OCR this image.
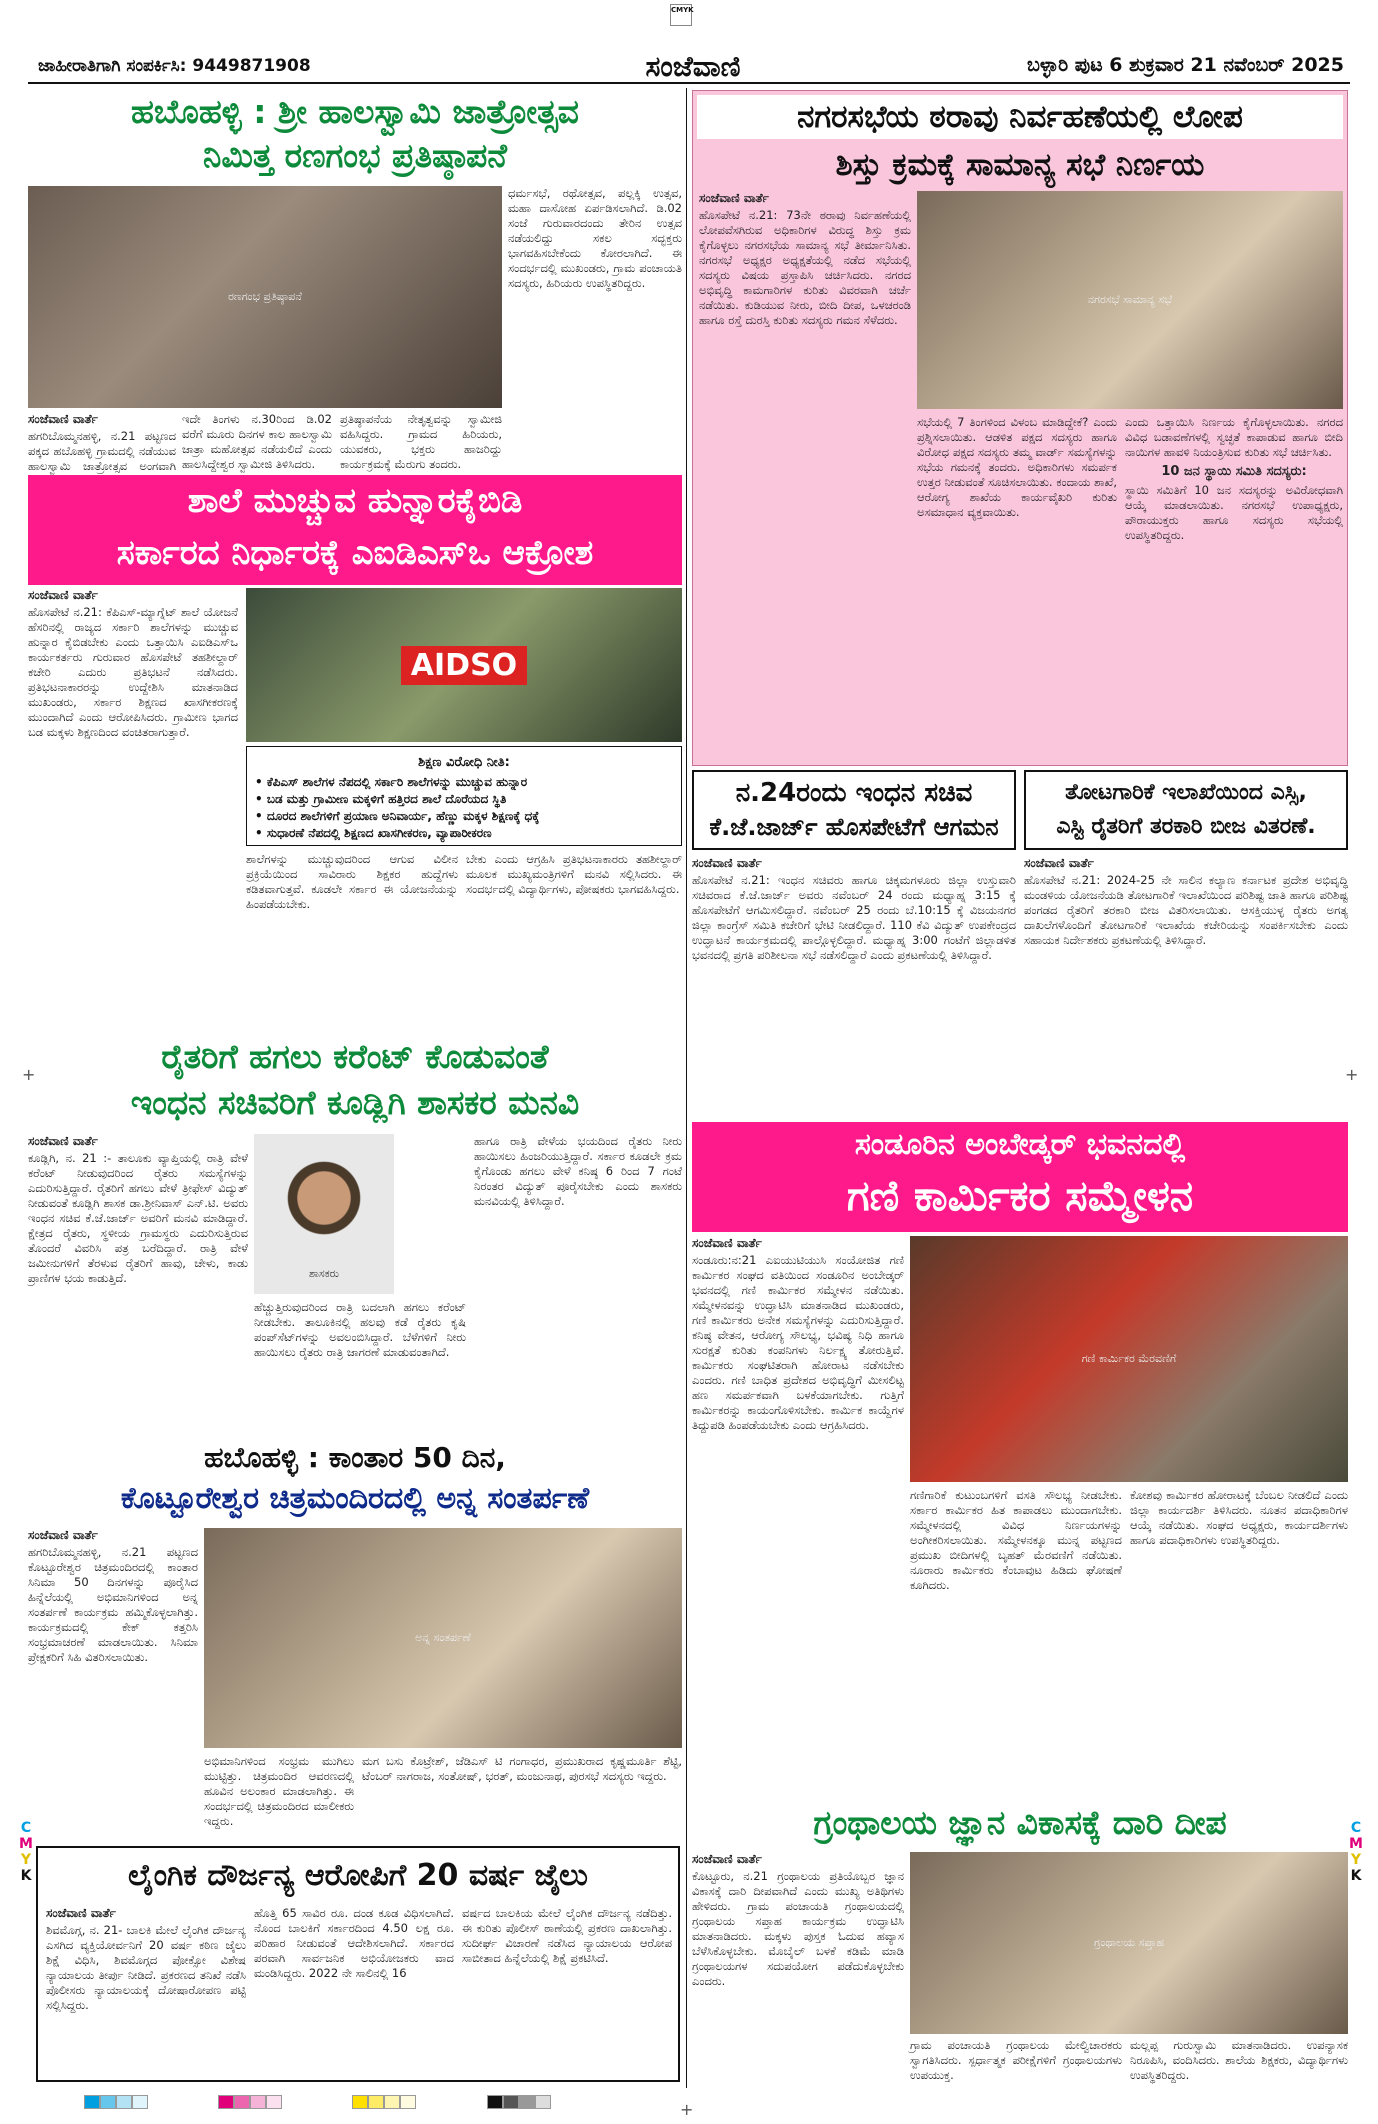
CMYK
+	+
+
C
M
Y
K
C
M
Y
K
ಜಾಹೀರಾತಿಗಾಗಿ ಸಂಪರ್ಕಿಸಿ: 9449871908	ಸಂಜೆವಾಣಿ	ಬಳ್ಳಾರಿ ಪುಟ 6 ಶುಕ್ರವಾರ 21 ನವೆಂಬರ್ 2025
ಹಬೊಹಳ್ಳಿ : ಶ್ರೀ ಹಾಲಸ್ವಾಮಿ ಜಾತ್ರೋತ್ಸವ
ನಿಮಿತ್ತ ರಣಗಂಭ ಪ್ರತಿಷ್ಠಾಪನೆ
ರಣಗಂಭ ಪ್ರತಿಷ್ಠಾಪನೆ
ಧರ್ಮಸಭೆ, ರಥೋತ್ಸವ, ಪಲ್ಲಕ್ಕಿ ಉತ್ಸವ, ಮಹಾ ದಾಸೋಹ ಏರ್ಪಡಿಸಲಾಗಿದೆ. ಡಿ.02 ಸಂಜೆ ಗುರುವಾರದಂದು ತೇರಿನ ಉತ್ಸವ ನಡೆಯಲಿದ್ದು ಸಕಲ ಸದ್ಭಕ್ತರು ಭಾಗವಹಿಸಬೇಕೆಂದು ಕೋರಲಾಗಿದೆ. ಈ ಸಂದರ್ಭದಲ್ಲಿ ಮುಖಂಡರು, ಗ್ರಾಮ ಪಂಚಾಯತಿ ಸದಸ್ಯರು, ಹಿರಿಯರು ಉಪಸ್ಥಿತರಿದ್ದರು.
ಸಂಜೆವಾಣಿ ವಾರ್ತೆ
ಹಗರಿಬೊಮ್ಮನಹಳ್ಳಿ, ನ.21 ಪಟ್ಟಣದ ಪಕ್ಕದ ಹಬೊಹಳ್ಳಿ ಗ್ರಾಮದಲ್ಲಿ ನಡೆಯುವ ಹಾಲಸ್ವಾಮಿ ಜಾತ್ರೋತ್ಸವ ಅಂಗವಾಗಿ
ಇದೇ ತಿಂಗಳು ನ.30ರಿಂದ ಡಿ.02 ವರೆಗೆ ಮೂರು ದಿನಗಳ ಕಾಲ ಹಾಲಸ್ವಾಮಿ ಜಾತ್ರಾ ಮಹೋತ್ಸವ ನಡೆಯಲಿದೆ ಎಂದು ಹಾಲಸಿದ್ದೇಶ್ವರ ಸ್ವಾಮೀಜಿ ತಿಳಿಸಿದರು.
ಪ್ರತಿಷ್ಠಾಪನೆಯ ನೇತೃತ್ವವನ್ನು ಸ್ವಾಮೀಜಿ ವಹಿಸಿದ್ದರು. ಗ್ರಾಮದ ಹಿರಿಯರು, ಯುವಕರು, ಭಕ್ತರು ಹಾಜರಿದ್ದು ಕಾರ್ಯಕ್ರಮಕ್ಕೆ ಮೆರುಗು ತಂದರು.
ಶಾಲೆ ಮುಚ್ಚುವ ಹುನ್ನಾರಕೈಬಿಡಿ
ಸರ್ಕಾರದ ನಿರ್ಧಾರಕ್ಕೆ ಎಐಡಿಎಸ್‌ಒ ಆಕ್ರೋಶ
ಸಂಜೆವಾಣಿ ವಾರ್ತೆ
ಹೊಸಪೇಟೆ ನ.21: ಕೆಪಿಎಸ್-ಮ್ಯಾಗ್ನೆಟ್ ಶಾಲೆ ಯೋಜನೆ ಹೆಸರಿನಲ್ಲಿ ರಾಜ್ಯದ ಸರ್ಕಾರಿ ಶಾಲೆಗಳನ್ನು ಮುಚ್ಚುವ ಹುನ್ನಾರ ಕೈಬಿಡಬೇಕು ಎಂದು ಒತ್ತಾಯಿಸಿ ಎಐಡಿಎಸ್‌ಒ ಕಾರ್ಯಕರ್ತರು ಗುರುವಾರ ಹೊಸಪೇಟೆ ತಹಶೀಲ್ದಾರ್ ಕಚೇರಿ ಎದುರು ಪ್ರತಿಭಟನೆ ನಡೆಸಿದರು. ಪ್ರತಿಭಟನಾಕಾರರನ್ನು ಉದ್ದೇಶಿಸಿ ಮಾತನಾಡಿದ ಮುಖಂಡರು, ಸರ್ಕಾರ ಶಿಕ್ಷಣದ ಖಾಸಗೀಕರಣಕ್ಕೆ ಮುಂದಾಗಿದೆ ಎಂದು ಆರೋಪಿಸಿದರು. ಗ್ರಾಮೀಣ ಭಾಗದ ಬಡ ಮಕ್ಕಳು ಶಿಕ್ಷಣದಿಂದ ವಂಚಿತರಾಗುತ್ತಾರೆ.
AIDSO
ಶಿಕ್ಷಣ ವಿರೋಧಿ ನೀತಿ:
• ಕೆಪಿಎಸ್ ಶಾಲೆಗಳ ನೆಪದಲ್ಲಿ ಸರ್ಕಾರಿ ಶಾಲೆಗಳನ್ನು ಮುಚ್ಚುವ ಹುನ್ನಾರ
• ಬಡ ಮತ್ತು ಗ್ರಾಮೀಣ ಮಕ್ಕಳಿಗೆ ಹತ್ತಿರದ ಶಾಲೆ ದೊರೆಯದ ಸ್ಥಿತಿ
• ದೂರದ ಶಾಲೆಗಳಿಗೆ ಪ್ರಯಾಣ ಅನಿವಾರ್ಯ, ಹೆಣ್ಣು ಮಕ್ಕಳ ಶಿಕ್ಷಣಕ್ಕೆ ಧಕ್ಕೆ
• ಸುಧಾರಣೆ ನೆಪದಲ್ಲಿ ಶಿಕ್ಷಣದ ಖಾಸಗೀಕರಣ, ವ್ಯಾಪಾರೀಕರಣ
ಶಾಲೆಗಳನ್ನು ಮುಚ್ಚುವುದರಿಂದ ಆಗುವ ವಿಲೀನ ಪ್ರಕ್ರಿಯೆಯಿಂದ ಸಾವಿರಾರು ಶಿಕ್ಷಕರ ಹುದ್ದೆಗಳು ಕಡಿತವಾಗುತ್ತವೆ. ಕೂಡಲೇ ಸರ್ಕಾರ ಈ ಯೋಜನೆಯನ್ನು ಹಿಂಪಡೆಯಬೇಕು.
ಬೇಕು ಎಂದು ಆಗ್ರಹಿಸಿ ಪ್ರತಿಭಟನಾಕಾರರು ತಹಶೀಲ್ದಾರ್ ಮೂಲಕ ಮುಖ್ಯಮಂತ್ರಿಗಳಿಗೆ ಮನವಿ ಸಲ್ಲಿಸಿದರು. ಈ ಸಂದರ್ಭದಲ್ಲಿ ವಿದ್ಯಾರ್ಥಿಗಳು, ಪೋಷಕರು ಭಾಗವಹಿಸಿದ್ದರು.
ರೈತರಿಗೆ ಹಗಲು ಕರೆಂಟ್ ಕೊಡುವಂತೆ
ಇಂಧನ ಸಚಿವರಿಗೆ ಕೂಡ್ಲಿಗಿ ಶಾಸಕರ ಮನವಿ
ಸಂಜೆವಾಣಿ ವಾರ್ತೆ
ಕೂಡ್ಲಿಗಿ, ನ. 21 :- ತಾಲೂಕು ವ್ಯಾಪ್ತಿಯಲ್ಲಿ ರಾತ್ರಿ ವೇಳೆ ಕರೆಂಟ್ ನೀಡುವುದರಿಂದ ರೈತರು ಸಮಸ್ಯೆಗಳನ್ನು ಎದುರಿಸುತ್ತಿದ್ದಾರೆ. ರೈತರಿಗೆ ಹಗಲು ವೇಳೆ ತ್ರೀಫೇಸ್ ವಿದ್ಯುತ್ ನೀಡುವಂತೆ ಕೂಡ್ಲಿಗಿ ಶಾಸಕ ಡಾ.ಶ್ರೀನಿವಾಸ್ ಎನ್.ಟಿ. ಅವರು ಇಂಧನ ಸಚಿವ ಕೆ.ಜೆ.ಜಾರ್ಜ್ ಅವರಿಗೆ ಮನವಿ ಮಾಡಿದ್ದಾರೆ. ಕ್ಷೇತ್ರದ ರೈತರು, ಸ್ಥಳೀಯ ಗ್ರಾಮಸ್ಥರು ಎದುರಿಸುತ್ತಿರುವ ತೊಂದರೆ ವಿವರಿಸಿ ಪತ್ರ ಬರೆದಿದ್ದಾರೆ. ರಾತ್ರಿ ವೇಳೆ ಜಮೀನುಗಳಿಗೆ ತೆರಳುವ ರೈತರಿಗೆ ಹಾವು, ಚೇಳು, ಕಾಡು ಪ್ರಾಣಿಗಳ ಭಯ ಕಾಡುತ್ತಿದೆ.	ಶಾಸಕರು
ಹೆಚ್ಚುತ್ತಿರುವುದರಿಂದ ರಾತ್ರಿ ಬದಲಾಗಿ ಹಗಲು ಕರೆಂಟ್ ನೀಡಬೇಕು. ತಾಲೂಕಿನಲ್ಲಿ ಹಲವು ಕಡೆ ರೈತರು ಕೃಷಿ ಪಂಪ್‌ಸೆಟ್‌ಗಳನ್ನು ಅವಲಂಬಿಸಿದ್ದಾರೆ. ಬೆಳೆಗಳಿಗೆ ನೀರು ಹಾಯಿಸಲು ರೈತರು ರಾತ್ರಿ ಜಾಗರಣೆ ಮಾಡುವಂತಾಗಿದೆ.
ಹಾಗೂ ರಾತ್ರಿ ವೇಳೆಯ ಭಯದಿಂದ ರೈತರು ನೀರು ಹಾಯಿಸಲು ಹಿಂಜರಿಯುತ್ತಿದ್ದಾರೆ. ಸರ್ಕಾರ ಕೂಡಲೇ ಕ್ರಮ ಕೈಗೊಂಡು ಹಗಲು ವೇಳೆ ಕನಿಷ್ಠ 6 ರಿಂದ 7 ಗಂಟೆ ನಿರಂತರ ವಿದ್ಯುತ್ ಪೂರೈಸಬೇಕು ಎಂದು ಶಾಸಕರು ಮನವಿಯಲ್ಲಿ ತಿಳಿಸಿದ್ದಾರೆ.
ಹಬೊಹಳ್ಳಿ : ಕಾಂತಾರ 50 ದಿನ,
ಕೊಟ್ಟೂರೇಶ್ವರ ಚಿತ್ರಮಂದಿರದಲ್ಲಿ ಅನ್ನ ಸಂತರ್ಪಣೆ
ಸಂಜೆವಾಣಿ ವಾರ್ತೆ
ಹಗರಿಬೊಮ್ಮನಹಳ್ಳಿ, ನ.21 ಪಟ್ಟಣದ ಕೊಟ್ಟೂರೇಶ್ವರ ಚಿತ್ರಮಂದಿರದಲ್ಲಿ ಕಾಂತಾರ ಸಿನಿಮಾ 50 ದಿನಗಳನ್ನು ಪೂರೈಸಿದ ಹಿನ್ನೆಲೆಯಲ್ಲಿ ಅಭಿಮಾನಿಗಳಿಂದ ಅನ್ನ ಸಂತರ್ಪಣೆ ಕಾರ್ಯಕ್ರಮ ಹಮ್ಮಿಕೊಳ್ಳಲಾಗಿತ್ತು. ಕಾರ್ಯಕ್ರಮದಲ್ಲಿ ಕೇಕ್ ಕತ್ತರಿಸಿ ಸಂಭ್ರಮಾಚರಣೆ ಮಾಡಲಾಯಿತು. ಸಿನಿಮಾ ಪ್ರೇಕ್ಷಕರಿಗೆ ಸಿಹಿ ವಿತರಿಸಲಾಯಿತು.
ಅನ್ನ ಸಂತರ್ಪಣೆ
ಅಭಿಮಾನಿಗಳಿಂದ ಸಂಭ್ರಮ ಮುಗಿಲು ಮುಟ್ಟಿತ್ತು. ಚಿತ್ರಮಂದಿರ ಆವರಣದಲ್ಲಿ ಹೂವಿನ ಅಲಂಕಾರ ಮಾಡಲಾಗಿತ್ತು. ಈ ಸಂದರ್ಭದಲ್ಲಿ ಚಿತ್ರಮಂದಿರದ ಮಾಲೀಕರು ಇದ್ದರು.
ಮಗ ಬಸು ಕೊಟ್ರೇಶ್, ಜೆಡಿಎಸ್ ಟಿ ಗಂಗಾಧರ, ಪ್ರಮುಖರಾದ ಕೃಷ್ಣಮೂರ್ತಿ ಶೆಟ್ಟಿ, ಟೆಂಬರ್ ನಾಗರಾಜ, ಸಂತೋಷ್, ಭರತ್, ಮಂಜುನಾಥ, ಪುರಸಭೆ ಸದಸ್ಯರು ಇದ್ದರು.
ಲೈಂಗಿಕ ದೌರ್ಜನ್ಯ ಆರೋಪಿಗೆ 20 ವರ್ಷ ಜೈಲು
ಸಂಜೆವಾಣಿ ವಾರ್ತೆ
ಶಿವಮೊಗ್ಗ, ನ. 21- ಬಾಲಕಿ ಮೇಲೆ ಲೈಂಗಿಕ ದೌರ್ಜನ್ಯ ಎಸಗಿದ ವ್ಯಕ್ತಿಯೋರ್ವನಿಗೆ 20 ವರ್ಷ ಕಠಿಣ ಜೈಲು ಶಿಕ್ಷೆ ವಿಧಿಸಿ, ಶಿವಮೊಗ್ಗದ ಪೋಕ್ಸೋ ವಿಶೇಷ ನ್ಯಾಯಾಲಯ ತೀರ್ಪು ನೀಡಿದೆ. ಪ್ರಕರಣದ ತನಿಖೆ ನಡೆಸಿ ಪೊಲೀಸರು ನ್ಯಾಯಾಲಯಕ್ಕೆ ದೋಷಾರೋಪಣ ಪಟ್ಟಿ ಸಲ್ಲಿಸಿದ್ದರು.
ಹೊತ್ತಿ 65 ಸಾವಿರ ರೂ. ದಂಡ ಕೂಡ ವಿಧಿಸಲಾಗಿದೆ. ನೊಂದ ಬಾಲಕಿಗೆ ಸರ್ಕಾರದಿಂದ 4.50 ಲಕ್ಷ ರೂ. ಪರಿಹಾರ ನೀಡುವಂತೆ ಆದೇಶಿಸಲಾಗಿದೆ. ಸರ್ಕಾರದ ಪರವಾಗಿ ಸಾರ್ವಜನಿಕ ಅಭಿಯೋಜಕರು ವಾದ ಮಂಡಿಸಿದ್ದರು. 2022 ನೇ ಸಾಲಿನಲ್ಲಿ 16
ವರ್ಷದ ಬಾಲಕಿಯ ಮೇಲೆ ಲೈಂಗಿಕ ದೌರ್ಜನ್ಯ ನಡೆದಿತ್ತು. ಈ ಕುರಿತು ಪೊಲೀಸ್ ಠಾಣೆಯಲ್ಲಿ ಪ್ರಕರಣ ದಾಖಲಾಗಿತ್ತು. ಸುದೀರ್ಘ ವಿಚಾರಣೆ ನಡೆಸಿದ ನ್ಯಾಯಾಲಯ ಆರೋಪ ಸಾಬೀತಾದ ಹಿನ್ನೆಲೆಯಲ್ಲಿ ಶಿಕ್ಷೆ ಪ್ರಕಟಿಸಿದೆ.
ನಗರಸಭೆಯ ಠರಾವು ನಿರ್ವಹಣೆಯಲ್ಲಿ ಲೋಪ
ಶಿಸ್ತು ಕ್ರಮಕ್ಕೆ ಸಾಮಾನ್ಯ ಸಭೆ ನಿರ್ಣಯ
ಸಂಜೆವಾಣಿ ವಾರ್ತೆ
ಹೊಸಪೇಟೆ ನ.21: 73ನೇ ಠರಾವು ನಿರ್ವಹಣೆಯಲ್ಲಿ ಲೋಪವೆಸಗಿರುವ ಅಧಿಕಾರಿಗಳ ವಿರುದ್ಧ ಶಿಸ್ತು ಕ್ರಮ ಕೈಗೊಳ್ಳಲು ನಗರಸಭೆಯ ಸಾಮಾನ್ಯ ಸಭೆ ತೀರ್ಮಾನಿಸಿತು. ನಗರಸಭೆ ಅಧ್ಯಕ್ಷರ ಅಧ್ಯಕ್ಷತೆಯಲ್ಲಿ ನಡೆದ ಸಭೆಯಲ್ಲಿ ಸದಸ್ಯರು ವಿಷಯ ಪ್ರಸ್ತಾಪಿಸಿ ಚರ್ಚಿಸಿದರು. ನಗರದ ಅಭಿವೃದ್ಧಿ ಕಾಮಗಾರಿಗಳ ಕುರಿತು ವಿವರವಾಗಿ ಚರ್ಚೆ ನಡೆಯಿತು. ಕುಡಿಯುವ ನೀರು, ಬೀದಿ ದೀಪ, ಒಳಚರಂಡಿ ಹಾಗೂ ರಸ್ತೆ ದುರಸ್ತಿ ಕುರಿತು ಸದಸ್ಯರು ಗಮನ ಸೆಳೆದರು.
ನಗರಸಭೆ ಸಾಮಾನ್ಯ ಸಭೆ
ಸಭೆಯಲ್ಲಿ 7 ತಿಂಗಳಿಂದ ವಿಳಂಬ ಮಾಡಿದ್ದೇಕೆ? ಎಂದು ಪ್ರಶ್ನಿಸಲಾಯಿತು. ಆಡಳಿತ ಪಕ್ಷದ ಸದಸ್ಯರು ಹಾಗೂ ವಿರೋಧ ಪಕ್ಷದ ಸದಸ್ಯರು ತಮ್ಮ ವಾರ್ಡ್ ಸಮಸ್ಯೆಗಳನ್ನು ಸಭೆಯ ಗಮನಕ್ಕೆ ತಂದರು. ಅಧಿಕಾರಿಗಳು ಸಮರ್ಪಕ ಉತ್ತರ ನೀಡುವಂತೆ ಸೂಚಿಸಲಾಯಿತು. ಕಂದಾಯ ಶಾಖೆ, ಆರೋಗ್ಯ ಶಾಖೆಯ ಕಾರ್ಯವೈಖರಿ ಕುರಿತು ಅಸಮಾಧಾನ ವ್ಯಕ್ತವಾಯಿತು.
ಎಂದು ಒತ್ತಾಯಿಸಿ ನಿರ್ಣಯ ಕೈಗೊಳ್ಳಲಾಯಿತು. ನಗರದ ವಿವಿಧ ಬಡಾವಣೆಗಳಲ್ಲಿ ಸ್ವಚ್ಛತೆ ಕಾಪಾಡುವ ಹಾಗೂ ಬೀದಿ ನಾಯಿಗಳ ಹಾವಳಿ ನಿಯಂತ್ರಿಸುವ ಕುರಿತು ಸಭೆ ಚರ್ಚಿಸಿತು.
10 ಜನ ಸ್ಥಾಯಿ ಸಮಿತಿ ಸದಸ್ಯರು:
ಸ್ಥಾಯಿ ಸಮಿತಿಗೆ 10 ಜನ ಸದಸ್ಯರನ್ನು ಅವಿರೋಧವಾಗಿ ಆಯ್ಕೆ ಮಾಡಲಾಯಿತು. ನಗರಸಭೆ ಉಪಾಧ್ಯಕ್ಷರು, ಪೌರಾಯುಕ್ತರು ಹಾಗೂ ಸದಸ್ಯರು ಸಭೆಯಲ್ಲಿ ಉಪಸ್ಥಿತರಿದ್ದರು.
ನ.24ರಂದು ಇಂಧನ ಸಚಿವ
ಕೆ.ಜೆ.ಜಾರ್ಜ್ ಹೊಸಪೇಟೆಗೆ ಆಗಮನ
ಸಂಜೆವಾಣಿ ವಾರ್ತೆ
ಹೊಸಪೇಟೆ ನ.21: ಇಂಧನ ಸಚಿವರು ಹಾಗೂ ಚಿಕ್ಕಮಗಳೂರು ಜಿಲ್ಲಾ ಉಸ್ತುವಾರಿ ಸಚಿವರಾದ ಕೆ.ಜೆ.ಜಾರ್ಜ್ ಅವರು ನವೆಂಬರ್ 24 ರಂದು ಮಧ್ಯಾಹ್ನ 3:15 ಕ್ಕೆ ಹೊಸಪೇಟೆಗೆ ಆಗಮಿಸಲಿದ್ದಾರೆ. ನವೆಂಬರ್ 25 ರಂದು ಬೆ.10:15 ಕ್ಕೆ ವಿಜಯನಗರ ಜಿಲ್ಲಾ ಕಾಂಗ್ರೆಸ್ ಸಮಿತಿ ಕಚೇರಿಗೆ ಭೇಟಿ ನೀಡಲಿದ್ದಾರೆ. 110 ಕೆವಿ ವಿದ್ಯುತ್ ಉಪಕೇಂದ್ರದ ಉದ್ಘಾಟನೆ ಕಾರ್ಯಕ್ರಮದಲ್ಲಿ ಪಾಲ್ಗೊಳ್ಳಲಿದ್ದಾರೆ. ಮಧ್ಯಾಹ್ನ 3:00 ಗಂಟೆಗೆ ಜಿಲ್ಲಾಡಳಿತ ಭವನದಲ್ಲಿ ಪ್ರಗತಿ ಪರಿಶೀಲನಾ ಸಭೆ ನಡೆಸಲಿದ್ದಾರೆ ಎಂದು ಪ್ರಕಟಣೆಯಲ್ಲಿ ತಿಳಿಸಿದ್ದಾರೆ.
ತೋಟಗಾರಿಕೆ ಇಲಾಖೆಯಿಂದ ಎಸ್ಸಿ,
ಎಸ್ಟಿ ರೈತರಿಗೆ ತರಕಾರಿ ಬೀಜ ವಿತರಣೆ.
ಸಂಜೆವಾಣಿ ವಾರ್ತೆ
ಹೊಸಪೇಟೆ ನ.21: 2024-25 ನೇ ಸಾಲಿನ ಕಲ್ಯಾಣ ಕರ್ನಾಟಕ ಪ್ರದೇಶ ಅಭಿವೃದ್ಧಿ ಮಂಡಳಿಯ ಯೋಜನೆಯಡಿ ತೋಟಗಾರಿಕೆ ಇಲಾಖೆಯಿಂದ ಪರಿಶಿಷ್ಟ ಜಾತಿ ಹಾಗೂ ಪರಿಶಿಷ್ಟ ಪಂಗಡದ ರೈತರಿಗೆ ತರಕಾರಿ ಬೀಜ ವಿತರಿಸಲಾಯಿತು. ಆಸಕ್ತಿಯುಳ್ಳ ರೈತರು ಅಗತ್ಯ ದಾಖಲೆಗಳೊಂದಿಗೆ ತೋಟಗಾರಿಕೆ ಇಲಾಖೆಯ ಕಚೇರಿಯನ್ನು ಸಂಪರ್ಕಿಸಬೇಕು ಎಂದು ಸಹಾಯಕ ನಿರ್ದೇಶಕರು ಪ್ರಕಟಣೆಯಲ್ಲಿ ತಿಳಿಸಿದ್ದಾರೆ.
ಸಂಡೂರಿನ ಅಂಬೇಡ್ಕರ್ ಭವನದಲ್ಲಿ
ಗಣಿ ಕಾರ್ಮಿಕರ ಸಮ್ಮೇಳನ
ಸಂಜೆವಾಣಿ ವಾರ್ತೆ
ಸಂಡೂರು:ನ:21 ಎಐಯುಟಿಯುಸಿ ಸಂಯೋಜಿತ ಗಣಿ ಕಾರ್ಮಿಕರ ಸಂಘದ ವತಿಯಿಂದ ಸಂಡೂರಿನ ಅಂಬೇಡ್ಕರ್ ಭವನದಲ್ಲಿ ಗಣಿ ಕಾರ್ಮಿಕರ ಸಮ್ಮೇಳನ ನಡೆಯಿತು. ಸಮ್ಮೇಳನವನ್ನು ಉದ್ಘಾಟಿಸಿ ಮಾತನಾಡಿದ ಮುಖಂಡರು, ಗಣಿ ಕಾರ್ಮಿಕರು ಅನೇಕ ಸಮಸ್ಯೆಗಳನ್ನು ಎದುರಿಸುತ್ತಿದ್ದಾರೆ. ಕನಿಷ್ಠ ವೇತನ, ಆರೋಗ್ಯ ಸೌಲಭ್ಯ, ಭವಿಷ್ಯ ನಿಧಿ ಹಾಗೂ ಸುರಕ್ಷತೆ ಕುರಿತು ಕಂಪನಿಗಳು ನಿರ್ಲಕ್ಷ್ಯ ತೋರುತ್ತಿವೆ. ಕಾರ್ಮಿಕರು ಸಂಘಟಿತರಾಗಿ ಹೋರಾಟ ನಡೆಸಬೇಕು ಎಂದರು. ಗಣಿ ಬಾಧಿತ ಪ್ರದೇಶದ ಅಭಿವೃದ್ಧಿಗೆ ಮೀಸಲಿಟ್ಟ ಹಣ ಸಮರ್ಪಕವಾಗಿ ಬಳಕೆಯಾಗಬೇಕು. ಗುತ್ತಿಗೆ ಕಾರ್ಮಿಕರನ್ನು ಕಾಯಂಗೊಳಿಸಬೇಕು. ಕಾರ್ಮಿಕ ಕಾಯ್ದೆಗಳ ತಿದ್ದುಪಡಿ ಹಿಂಪಡೆಯಬೇಕು ಎಂದು ಆಗ್ರಹಿಸಿದರು.
ಗಣಿ ಕಾರ್ಮಿಕರ ಮೆರವಣಿಗೆ
ಗಣಿಗಾರಿಕೆ ಕುಟುಂಬಗಳಿಗೆ ವಸತಿ ಸೌಲಭ್ಯ ನೀಡಬೇಕು. ಸರ್ಕಾರ ಕಾರ್ಮಿಕರ ಹಿತ ಕಾಪಾಡಲು ಮುಂದಾಗಬೇಕು. ಸಮ್ಮೇಳನದಲ್ಲಿ ವಿವಿಧ ನಿರ್ಣಯಗಳನ್ನು ಅಂಗೀಕರಿಸಲಾಯಿತು. ಸಮ್ಮೇಳನಕ್ಕೂ ಮುನ್ನ ಪಟ್ಟಣದ ಪ್ರಮುಖ ಬೀದಿಗಳಲ್ಲಿ ಬೃಹತ್ ಮೆರವಣಿಗೆ ನಡೆಯಿತು. ನೂರಾರು ಕಾರ್ಮಿಕರು ಕೆಂಬಾವುಟ ಹಿಡಿದು ಘೋಷಣೆ ಕೂಗಿದರು.
ಕೋಶವು ಕಾರ್ಮಿಕರ ಹೋರಾಟಕ್ಕೆ ಬೆಂಬಲ ನೀಡಲಿದೆ ಎಂದು ಜಿಲ್ಲಾ ಕಾರ್ಯದರ್ಶಿ ತಿಳಿಸಿದರು. ನೂತನ ಪದಾಧಿಕಾರಿಗಳ ಆಯ್ಕೆ ನಡೆಯಿತು. ಸಂಘದ ಅಧ್ಯಕ್ಷರು, ಕಾರ್ಯದರ್ಶಿಗಳು ಹಾಗೂ ಪದಾಧಿಕಾರಿಗಳು ಉಪಸ್ಥಿತರಿದ್ದರು.
ಗ್ರಂಥಾಲಯ ಜ್ಞಾನ ವಿಕಾಸಕ್ಕೆ ದಾರಿ ದೀಪ
ಸಂಜೆವಾಣಿ ವಾರ್ತೆ
ಕೊಟ್ಟೂರು, ನ.21 ಗ್ರಂಥಾಲಯ ಪ್ರತಿಯೊಬ್ಬರ ಜ್ಞಾನ ವಿಕಾಸಕ್ಕೆ ದಾರಿ ದೀಪವಾಗಿದೆ ಎಂದು ಮುಖ್ಯ ಅತಿಥಿಗಳು ಹೇಳಿದರು. ಗ್ರಾಮ ಪಂಚಾಯತಿ ಗ್ರಂಥಾಲಯದಲ್ಲಿ ಗ್ರಂಥಾಲಯ ಸಪ್ತಾಹ ಕಾರ್ಯಕ್ರಮ ಉದ್ಘಾಟಿಸಿ ಮಾತನಾಡಿದರು. ಮಕ್ಕಳು ಪುಸ್ತಕ ಓದುವ ಹವ್ಯಾಸ ಬೆಳೆಸಿಕೊಳ್ಳಬೇಕು. ಮೊಬೈಲ್ ಬಳಕೆ ಕಡಿಮೆ ಮಾಡಿ ಗ್ರಂಥಾಲಯಗಳ ಸದುಪಯೋಗ ಪಡೆದುಕೊಳ್ಳಬೇಕು ಎಂದರು.
ಗ್ರಂಥಾಲಯ ಸಪ್ತಾಹ
ಗ್ರಾಮ ಪಂಚಾಯತಿ ಗ್ರಂಥಾಲಯ ಮೇಲ್ವಿಚಾರಕರು ಸ್ವಾಗತಿಸಿದರು. ಸ್ಪರ್ಧಾತ್ಮಕ ಪರೀಕ್ಷೆಗಳಿಗೆ ಗ್ರಂಥಾಲಯಗಳು ಉಪಯುಕ್ತ.
ಮಲ್ಲಪ್ಪ ಗುರುಸ್ವಾಮಿ ಮಾತನಾಡಿದರು. ಉಪನ್ಯಾಸಕ ನಿರೂಪಿಸಿ, ವಂದಿಸಿದರು. ಶಾಲೆಯ ಶಿಕ್ಷಕರು, ವಿದ್ಯಾರ್ಥಿಗಳು ಉಪಸ್ಥಿತರಿದ್ದರು.
